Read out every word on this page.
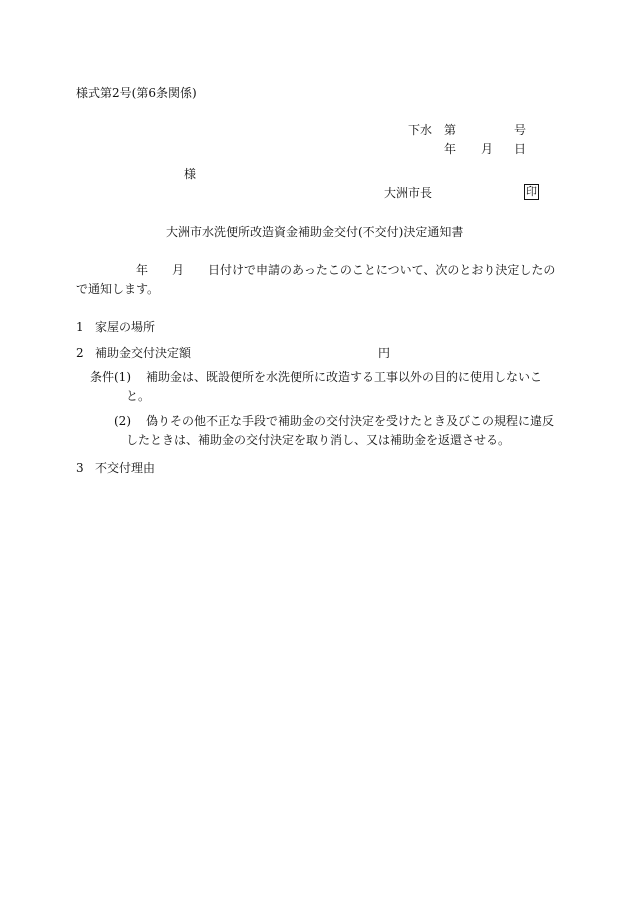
様式第2号(第6条関係)
下水 第	号
年 月 日
様
大洲市長	印
大洲市水洗便所改造資金補助金交付(不交付)決定通知書
年 月 日付けで申請のあったこのことについて、次のとおり決定したの
で通知します。
1 家屋の場所
2 補助金交付決定額	円
条件 (1) 補助金は、既設便所を水洗便所に改造する工事以外の目的に使用しないこ
と。
(2) 偽りその他不正な手段で補助金の交付決定を受けたとき及びこの規程に違反
したときは、補助金の交付決定を取り消し、又は補助金を返還させる。
3 不交付理由
